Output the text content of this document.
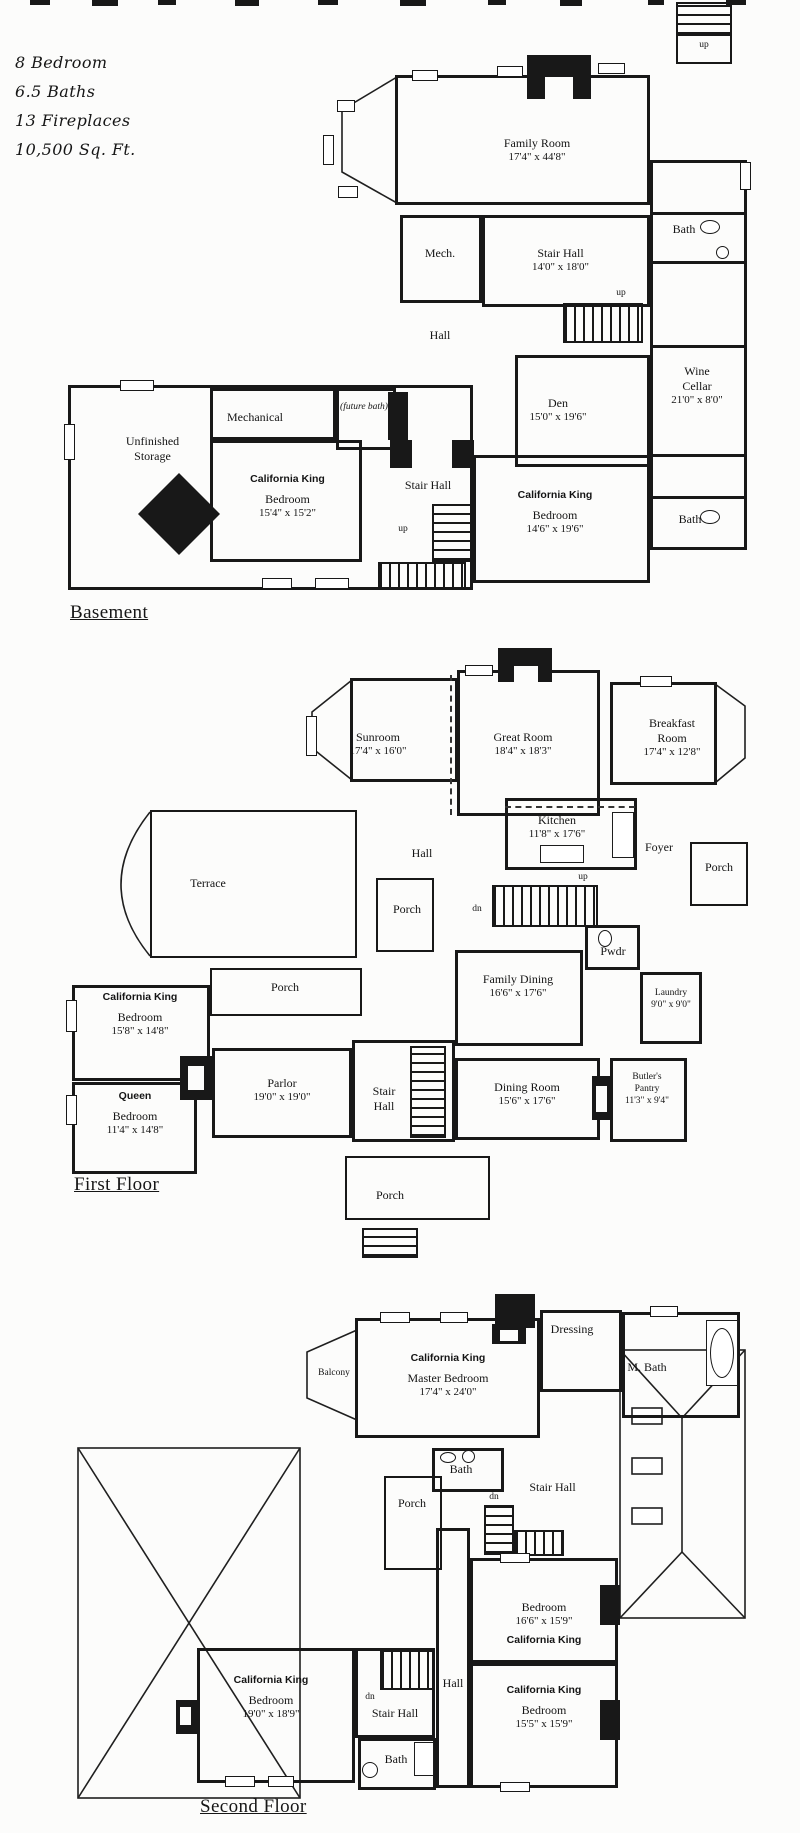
8 Bedroom
6.5 Baths
13 Fireplaces
10,500 Sq. Ft.
up
Family Room
17'4" x 44'8"
Mech.	Stair Hall
14'0" x 18'0"
up
Bath
Hall
Den
15'0" x 19'6"
Wine Cellar
21'0" x 8'0"
Bath
Mechanical
(future bath)
Unfinished Storage
California King
Bedroom
15'4" x 15'2"
Stair Hall
up
California King
Bedroom
14'6" x 19'6"
Basement
Sunroom
17'4" x 16'0"
Great Room
18'4" x 18'3"
Breakfast Room
17'4" x 12'8"
Kitchen
11'8" x 17'6"
Foyer
Porch
Hall
Terrace
Porch
up
dn
Pwdr
Family Dining
16'6" x 17'6"	Laundry
9'0" x 9'0"
Porch
California King
Bedroom
15'8" x 14'8"
Queen
Bedroom
11'4" x 14'8"
Parlor
19'0" x 19'0"	Stair Hall
Dining Room
15'6" x 17'6"
Butler's Pantry
11'3" x 9'4"
Porch
First Floor
California King
Master Bedroom
17'4" x 24'0"
Balcony
Dressing
M. Bath
Bath
Porch
Stair Hall
dn
Hall
Bedroom
16'6" x 15'9"
California King
California King
Bedroom
15'5" x 15'9"
California King
Bedroom
19'0" x 18'9"
dn
Stair Hall
Bath
Second Floor
